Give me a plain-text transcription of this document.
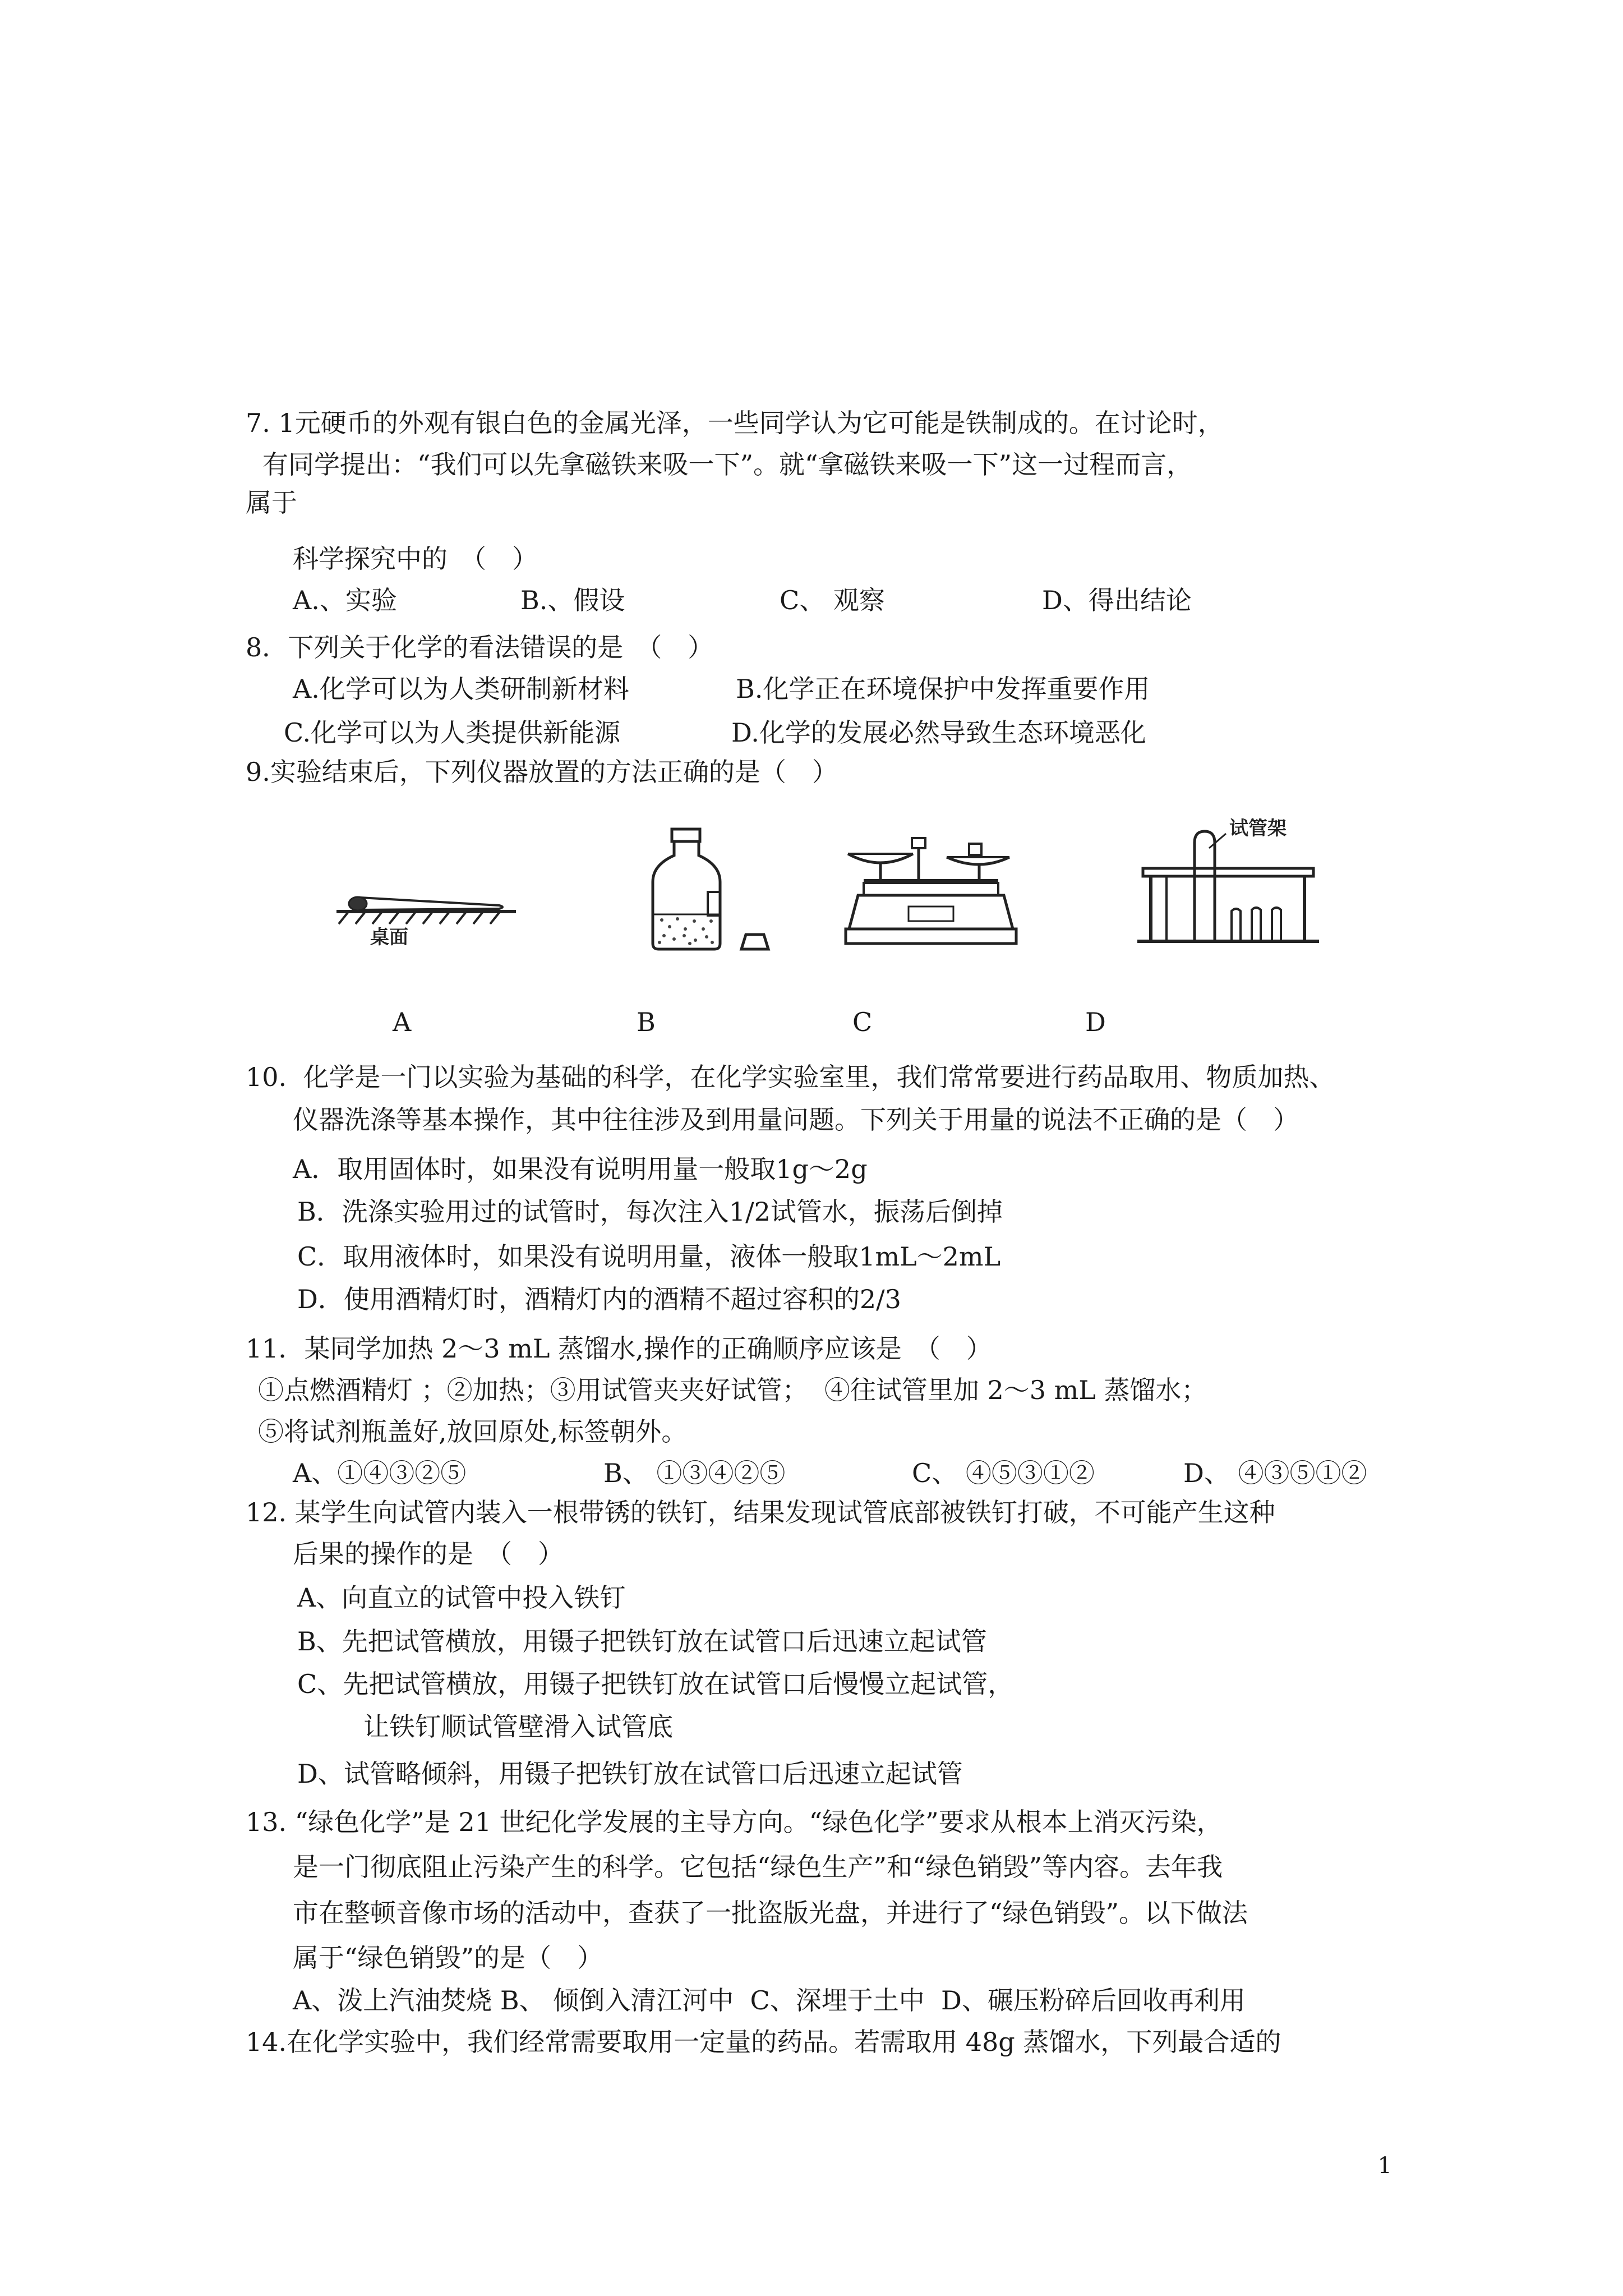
7. 1元硬币的外观有银白色的金属光泽，一些同学认为它可能是铁制成的。在讨论时，
有同学提出：“我们可以先拿磁铁来吸一下”。就“拿磁铁来吸一下”这一过程而言，
属于
科学探究中的　（　）
A.、实验	B.、假设	C、 观察	D、得出结论
8．下列关于化学的看法错误的是　（　）
A.化学可以为人类研制新材料	B.化学正在环境保护中发挥重要作用
C.化学可以为人类提供新能源	D.化学的发展必然导致生态环境恶化
9.实验结束后，下列仪器放置的方法正确的是（　）
桌面
试管架
A	B	C	D
10.  化学是一门以实验为基础的科学，在化学实验室里，我们常常要进行药品取用、物质加热、
仪器洗涤等基本操作，其中往往涉及到用量问题。下列关于用量的说法不正确的是（　）
A．取用固体时，如果没有说明用量一般取1g～2g
B．洗涤实验用过的试管时，每次注入1/2试管水，振荡后倒掉
C．取用液体时，如果没有说明用量，液体一般取1mL～2mL
D．使用酒精灯时，酒精灯内的酒精不超过容积的2/3
11．某同学加热 2～3 mL 蒸馏水,操作的正确顺序应该是　（　）
①点燃酒精灯 ；②加热；③用试管夹夹好试管；  ④往试管里加 2～3 mL 蒸馏水；
⑤将试剂瓶盖好,放回原处,标签朝外。
A、①④③②⑤	B、 ①③④②⑤	C、 ④⑤③①②	D、 ④③⑤①②
12. 某学生向试管内装入一根带锈的铁钉，结果发现试管底部被铁钉打破，不可能产生这种
后果的操作的是　（　）
A、向直立的试管中投入铁钉
B、先把试管横放，用镊子把铁钉放在试管口后迅速立起试管
C、先把试管横放，用镊子把铁钉放在试管口后慢慢立起试管，
让铁钉顺试管壁滑入试管底
D、试管略倾斜，用镊子把铁钉放在试管口后迅速立起试管
13. “绿色化学”是 21 世纪化学发展的主导方向。“绿色化学”要求从根本上消灭污染，
是一门彻底阻止污染产生的科学。它包括“绿色生产”和“绿色销毁”等内容。去年我
市在整顿音像市场的活动中，查获了一批盗版光盘，并进行了“绿色销毁”。以下做法
属于“绿色销毁”的是（　）
A、泼上汽油焚烧 B、 倾倒入清江河中  C、深埋于土中  D、碾压粉碎后回收再利用
14.在化学实验中，我们经常需要取用一定量的药品。若需取用 48g 蒸馏水，下列最合适的
1
